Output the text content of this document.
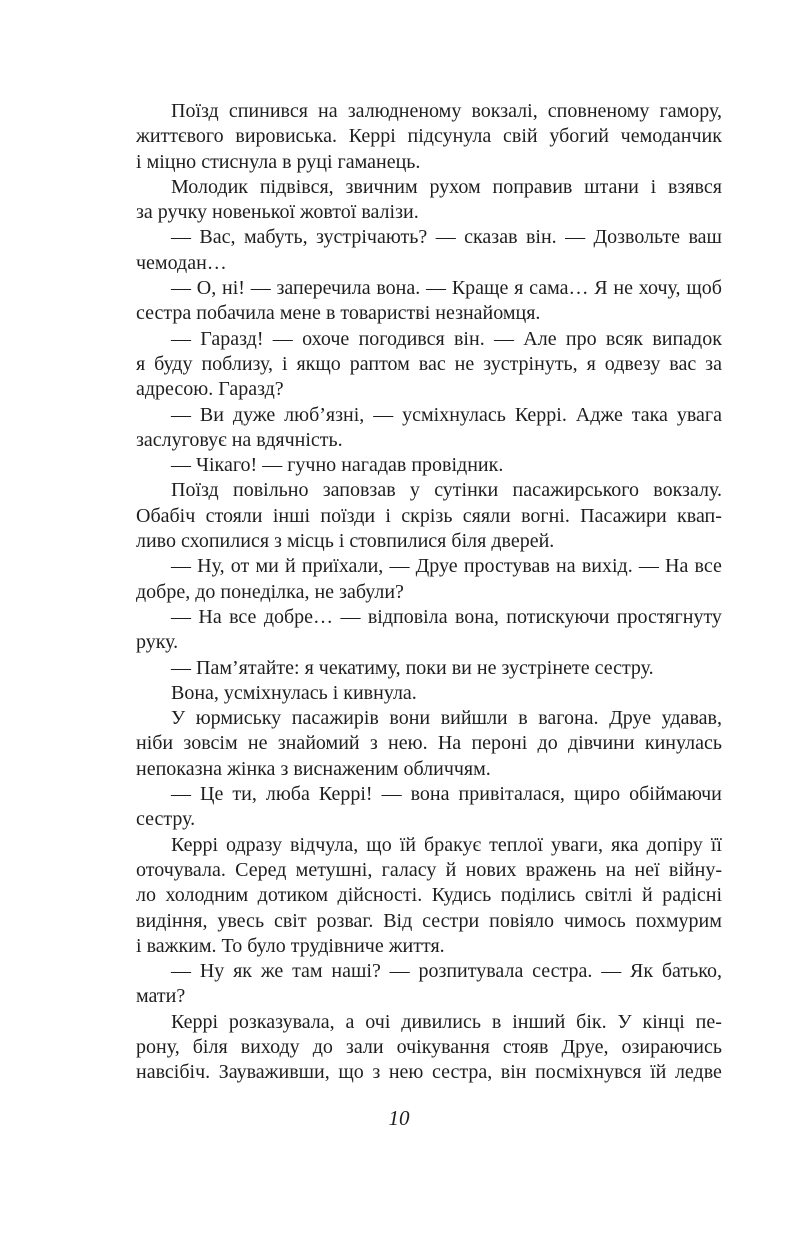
Поїзд спинився на залюдненому вокзалі, сповненому гамору,
життєвого вировиська. Керрі підсунула свій убогий чемоданчик
і міцно стиснула в руці гаманець.
Молодик підвівся, звичним рухом поправив штани і взявся
за ручку новенької жовтої валізи.
— Вас, мабуть, зустрічають? — сказав він. — Дозвольте ваш
чемодан…
— О, ні! — заперечила вона. — Краще я сама… Я не хочу, щоб
сестра побачила мене в товаристві незнайомця.
— Гаразд! — охоче погодився він. — Але про всяк випадок
я буду поблизу, і якщо раптом вас не зустрінуть, я одвезу вас за
адресою. Гаразд?
— Ви дуже люб’язні, — усміхнулась Керрі. Адже така увага
заслуговує на вдячність.
— Чікаго! — гучно нагадав провідник.
Поїзд повільно заповзав у сутінки пасажирського вокзалу.
Обабіч стояли інші поїзди і скрізь сяяли вогні. Пасажири квап-
ливо схопилися з місць і стовпилися біля дверей.
— Ну, от ми й приїхали, — Друе простував на вихід. — На все
добре, до понеділка, не забули?
— На все добре… — відповіла вона, потискуючи простягнуту
руку.
— Пам’ятайте: я чекатиму, поки ви не зустрінете сестру.
Вона, усміхнулась і кивнула.
У юрмиську пасажирів вони вийшли в вагона. Друе удавав,
ніби зовсім не знайомий з нею. На пероні до дівчини кинулась
непоказна жінка з виснаженим обличчям.
— Це ти, люба Керрі! — вона привіталася, щиро обіймаючи
сестру.
Керрі одразу відчула, що їй бракує теплої уваги, яка допіру її
оточувала. Серед метушні, галасу й нових вражень на неї війну-
ло холодним дотиком дійсності. Кудись поділись світлі й радісні
видіння, увесь світ розваг. Від сестри повіяло чимось похмурим
і важким. То було трудівниче життя.
— Ну як же там наші? — розпитувала сестра. — Як батько,
мати?
Керрі розказувала, а очі дивились в інший бік. У кінці пе-
рону, біля виходу до зали очікування стояв Друе, озираючись
навсібіч. Зауваживши, що з нею сестра, він посміхнувся їй ледве
10
